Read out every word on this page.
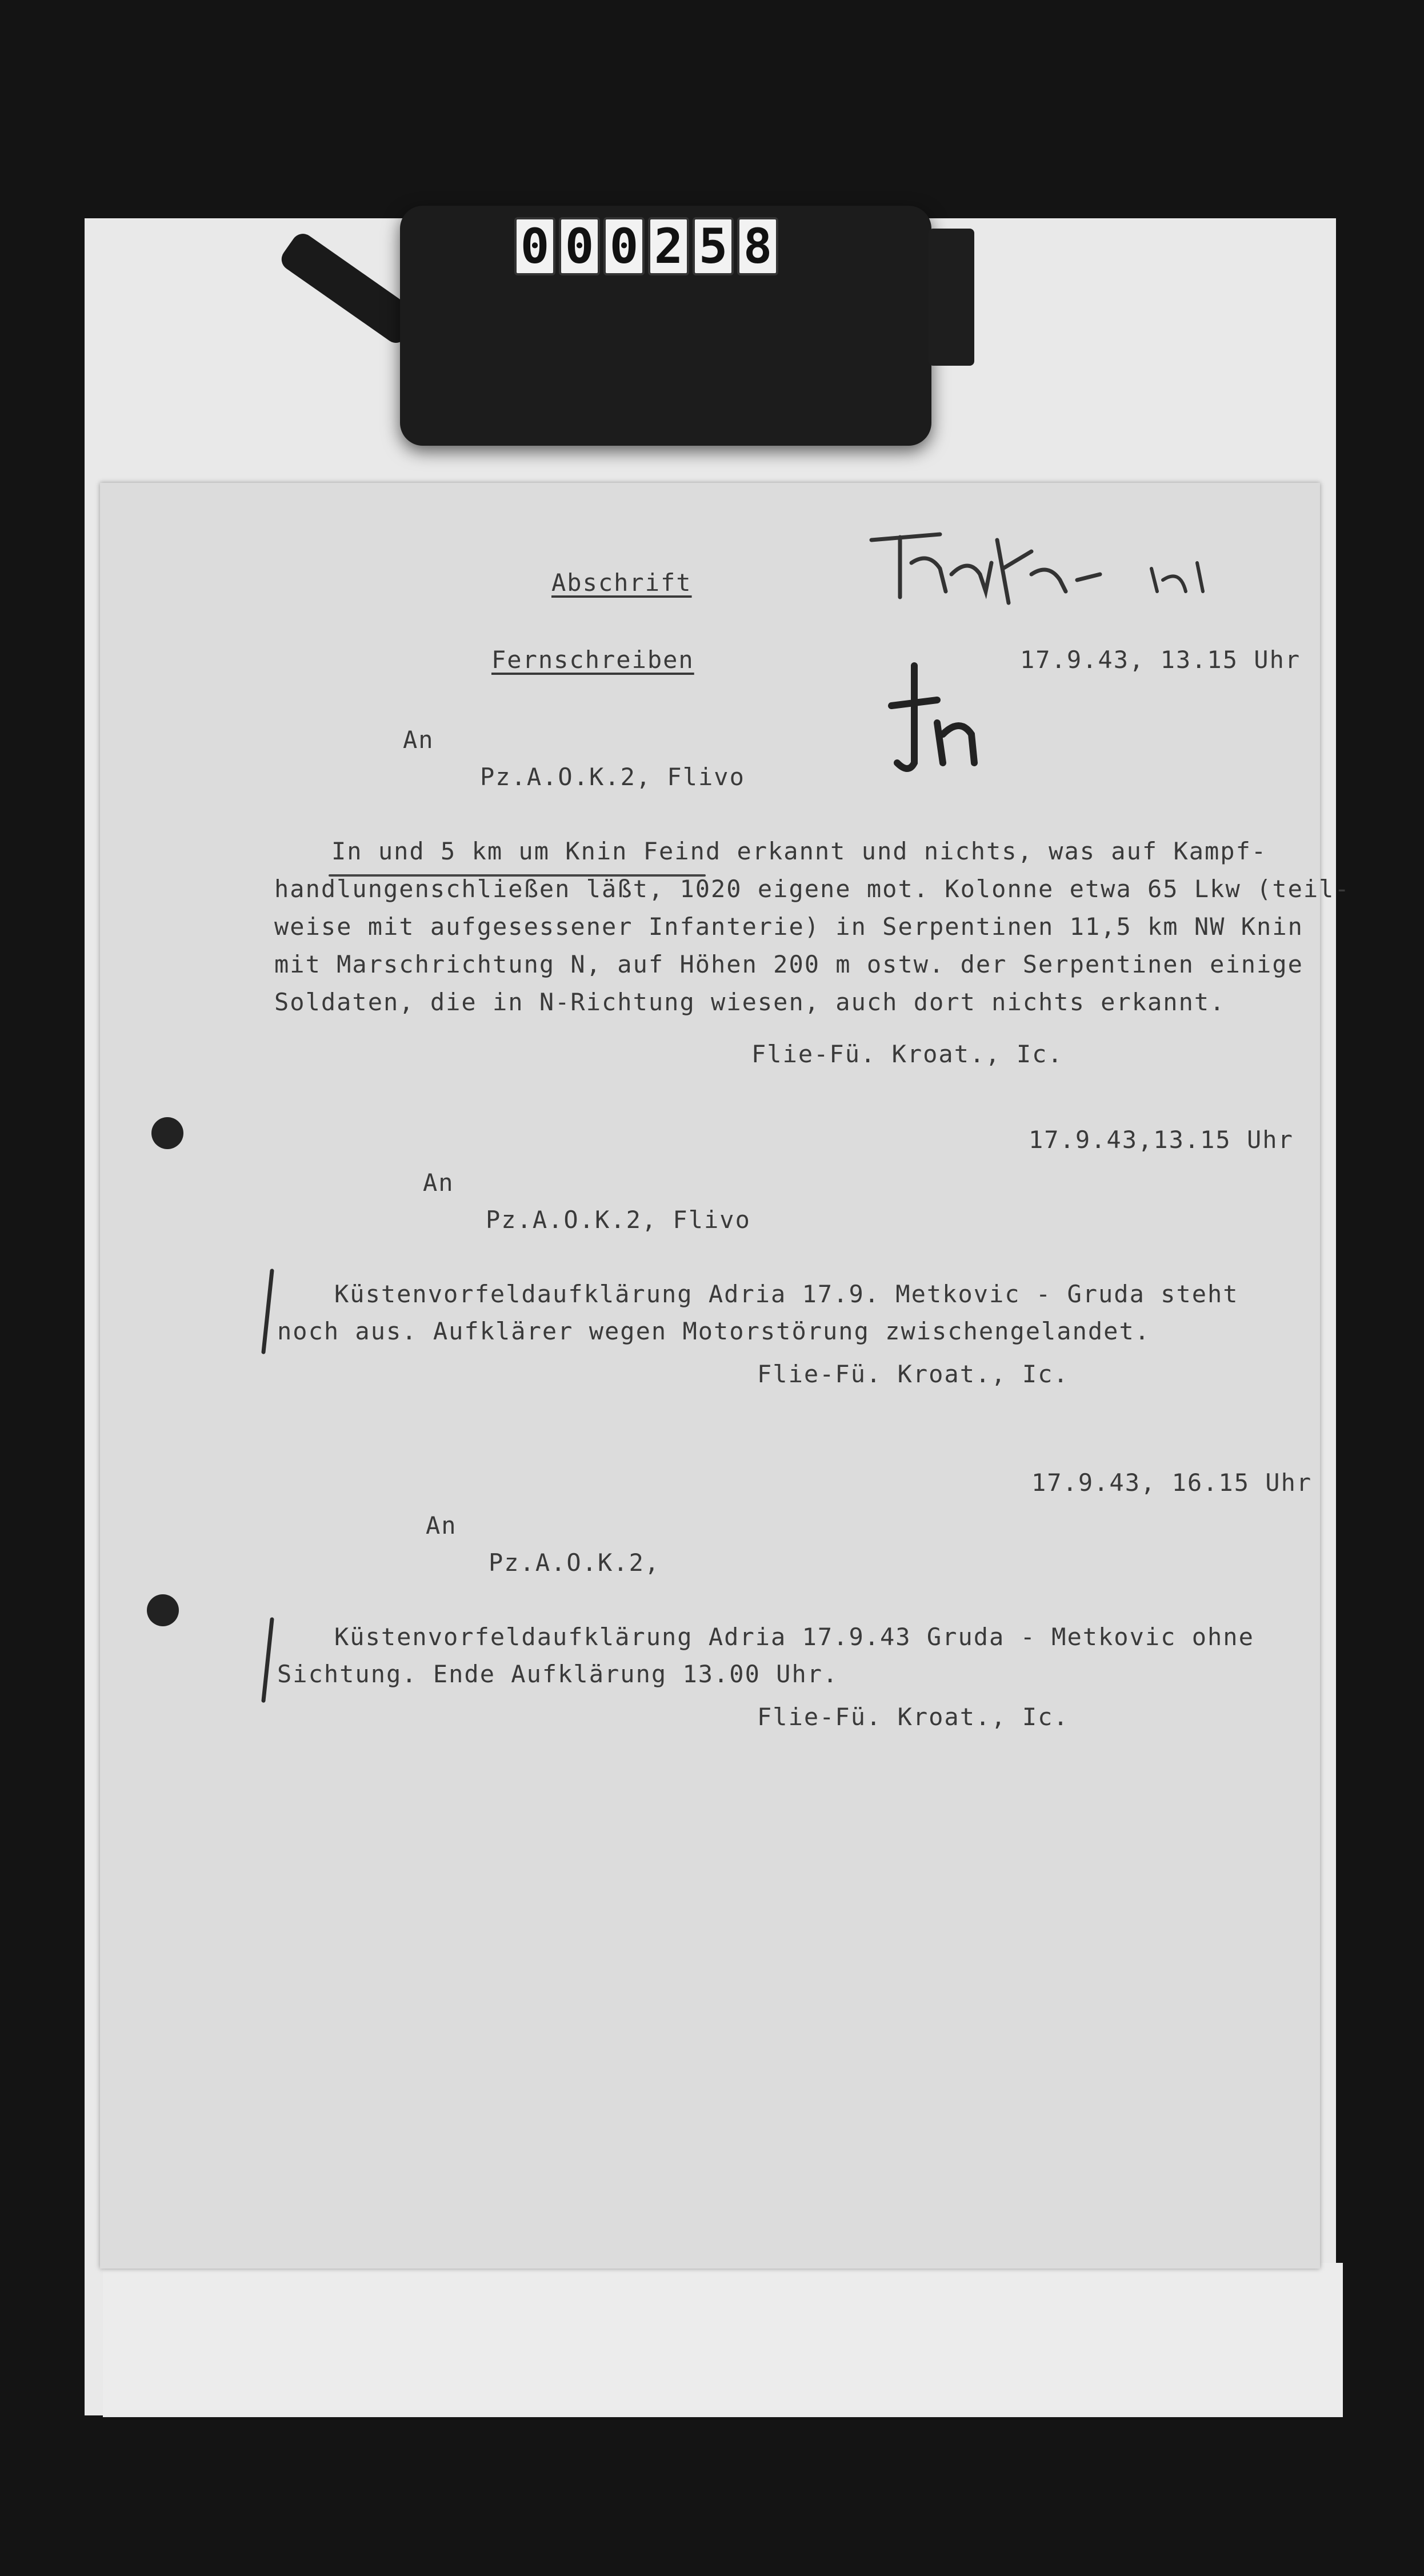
0 0 0 2 5 8
Abschrift
Fernschreiben	17.9.43, 13.15 Uhr
An
Pz.A.O.K.2, Flivo
In und 5 km um Knin Feind erkannt und nichts, was auf Kampf-
handlungenschließen läßt, 1020 eigene mot. Kolonne etwa 65 Lkw (teil-
weise mit aufgesessener Infanterie) in Serpentinen 11,5 km NW Knin
mit Marschrichtung N, auf Höhen 200 m ostw. der Serpentinen einige
Soldaten, die in N-Richtung wiesen, auch dort nichts erkannt.
Flie-Fü. Kroat., Ic.
17.9.43,13.15 Uhr
An
Pz.A.O.K.2, Flivo
Küstenvorfeldaufklärung Adria 17.9. Metkovic - Gruda steht
noch aus. Aufklärer wegen Motorstörung zwischengelandet.
Flie-Fü. Kroat., Ic.
17.9.43, 16.15 Uhr
An
Pz.A.O.K.2,
Küstenvorfeldaufklärung Adria 17.9.43 Gruda - Metkovic ohne
Sichtung. Ende Aufklärung 13.00 Uhr.
Flie-Fü. Kroat., Ic.
